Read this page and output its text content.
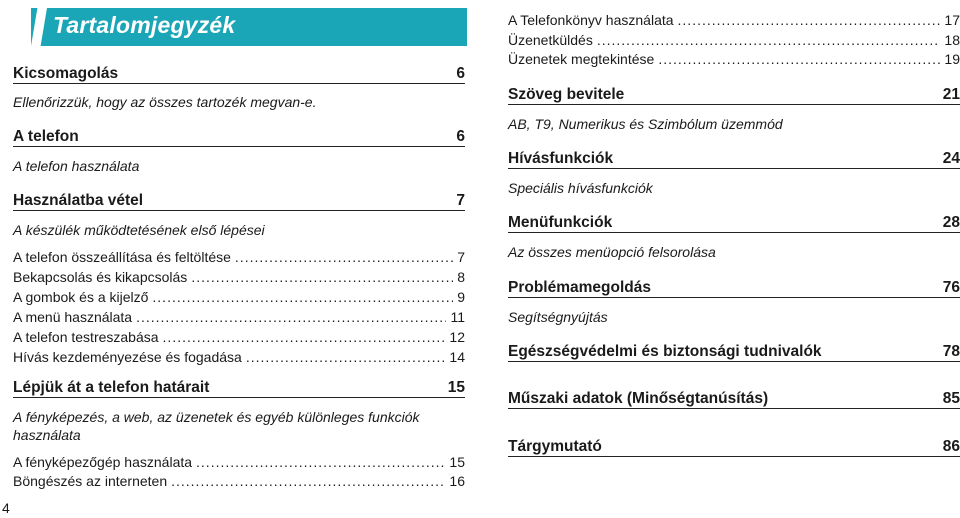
Tartalomjegyzék
Kicsomagolás	6
Ellenőrizzük, hogy az összes tartozék megvan-e.
A telefon	6
A telefon használata
Használatba vétel	7
A készülék működtetésének első lépései
A telefon összeállítása és feltöltése .....	7
Bekapcsolás és kikapcsolás .....	8
A gombok és a kijelző .....	9
A menü használata .....	11
A telefon testreszabása .....	12
Hívás kezdeményezése és fogadása .....	14
Lépjük át a telefon határait	15
A fényképezés, a web, az üzenetek és egyéb különleges funkciók
használata
A fényképezőgép használata .....	15
Böngészés az interneten .....	16
A Telefonkönyv használata .....	17
Üzenetküldés .....	18
Üzenetek megtekintése .....	19
Szöveg bevitele	21
AB, T9, Numerikus és Szimbólum üzemmód
Hívásfunkciók	24
Speciális hívásfunkciók
Menüfunkciók	28
Az összes menüopció felsorolása
Problémamegoldás	76
Segítségnyújtás
Egészségvédelmi és biztonsági tudnivalók	78
Műszaki adatok (Minőségtanúsítás)	85
Tárgymutató	86
4
